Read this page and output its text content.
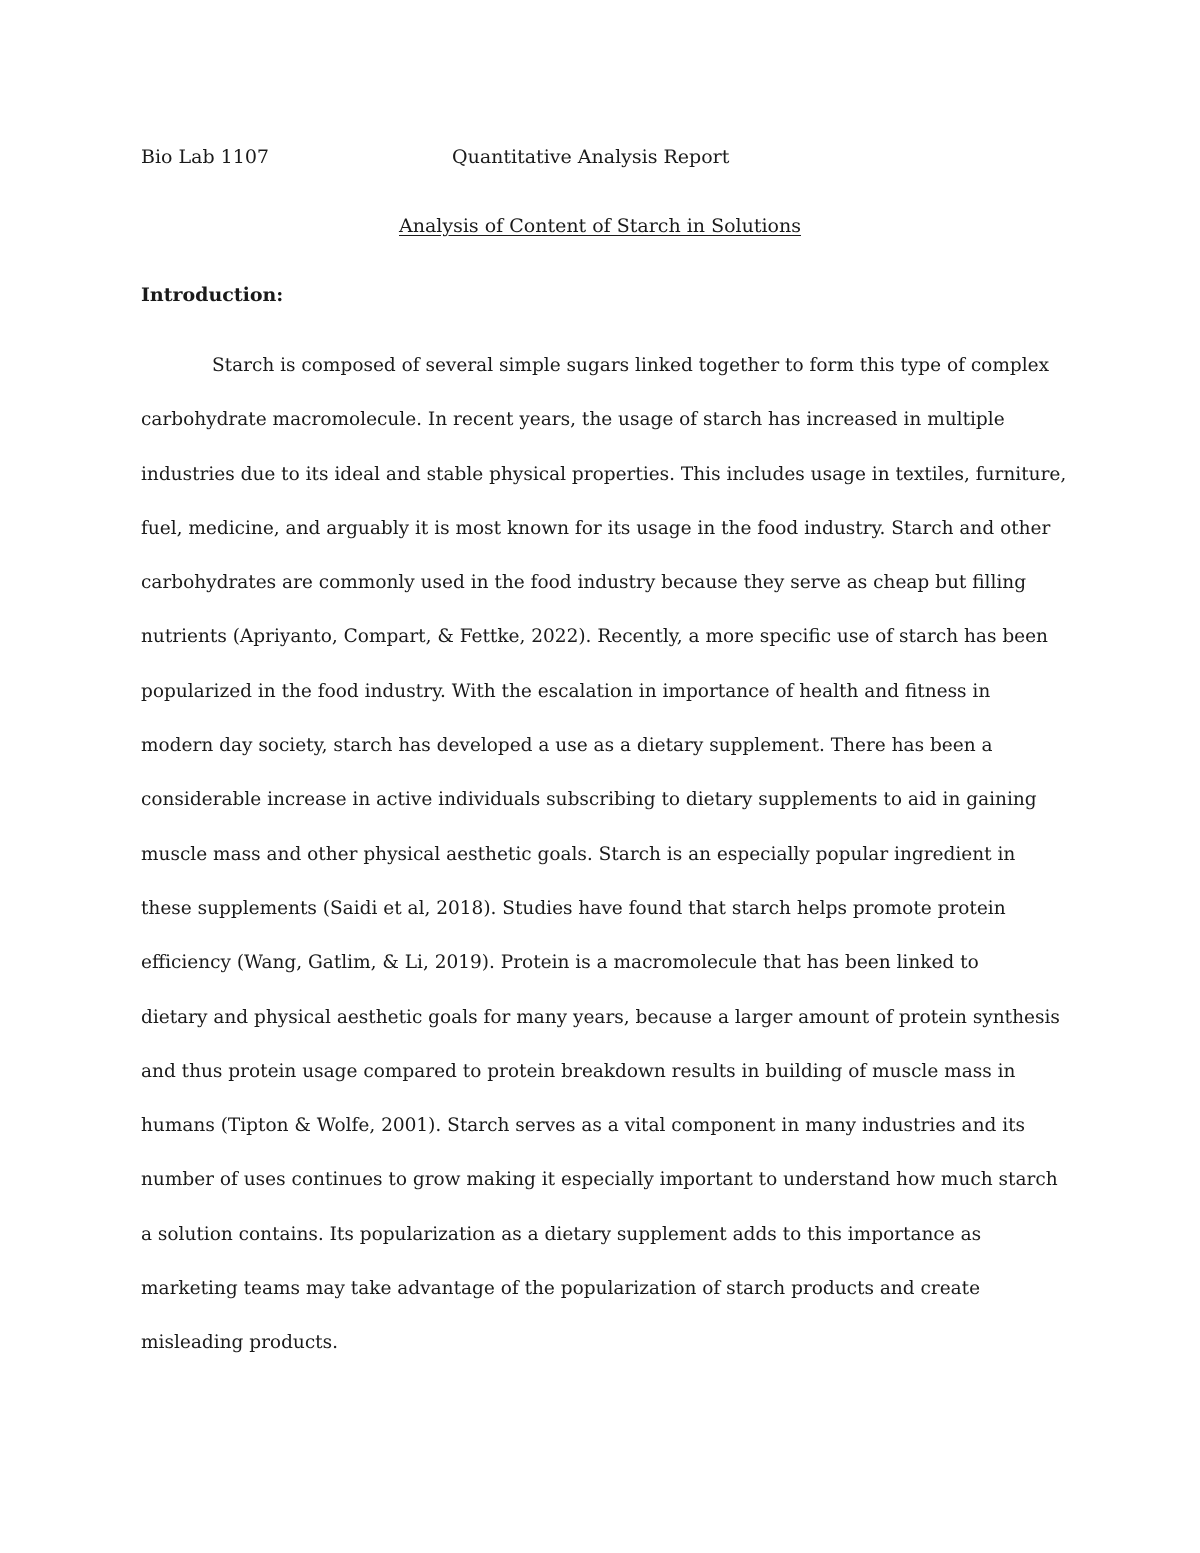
Bio Lab 1107	Quantitative Analysis Report
Analysis of Content of Starch in Solutions
Introduction:
Starch is composed of several simple sugars linked together to form this type of complex
carbohydrate macromolecule. In recent years, the usage of starch has increased in multiple
industries due to its ideal and stable physical properties. This includes usage in textiles, furniture,
fuel, medicine, and arguably it is most known for its usage in the food industry. Starch and other
carbohydrates are commonly used in the food industry because they serve as cheap but filling
nutrients (Apriyanto, Compart, & Fettke, 2022). Recently, a more specific use of starch has been
popularized in the food industry. With the escalation in importance of health and fitness in
modern day society, starch has developed a use as a dietary supplement. There has been a
considerable increase in active individuals subscribing to dietary supplements to aid in gaining
muscle mass and other physical aesthetic goals. Starch is an especially popular ingredient in
these supplements (Saidi et al, 2018). Studies have found that starch helps promote protein
efficiency (Wang, Gatlim, & Li, 2019). Protein is a macromolecule that has been linked to
dietary and physical aesthetic goals for many years, because a larger amount of protein synthesis
and thus protein usage compared to protein breakdown results in building of muscle mass in
humans (Tipton & Wolfe, 2001). Starch serves as a vital component in many industries and its
number of uses continues to grow making it especially important to understand how much starch
a solution contains. Its popularization as a dietary supplement adds to this importance as
marketing teams may take advantage of the popularization of starch products and create
misleading products.
